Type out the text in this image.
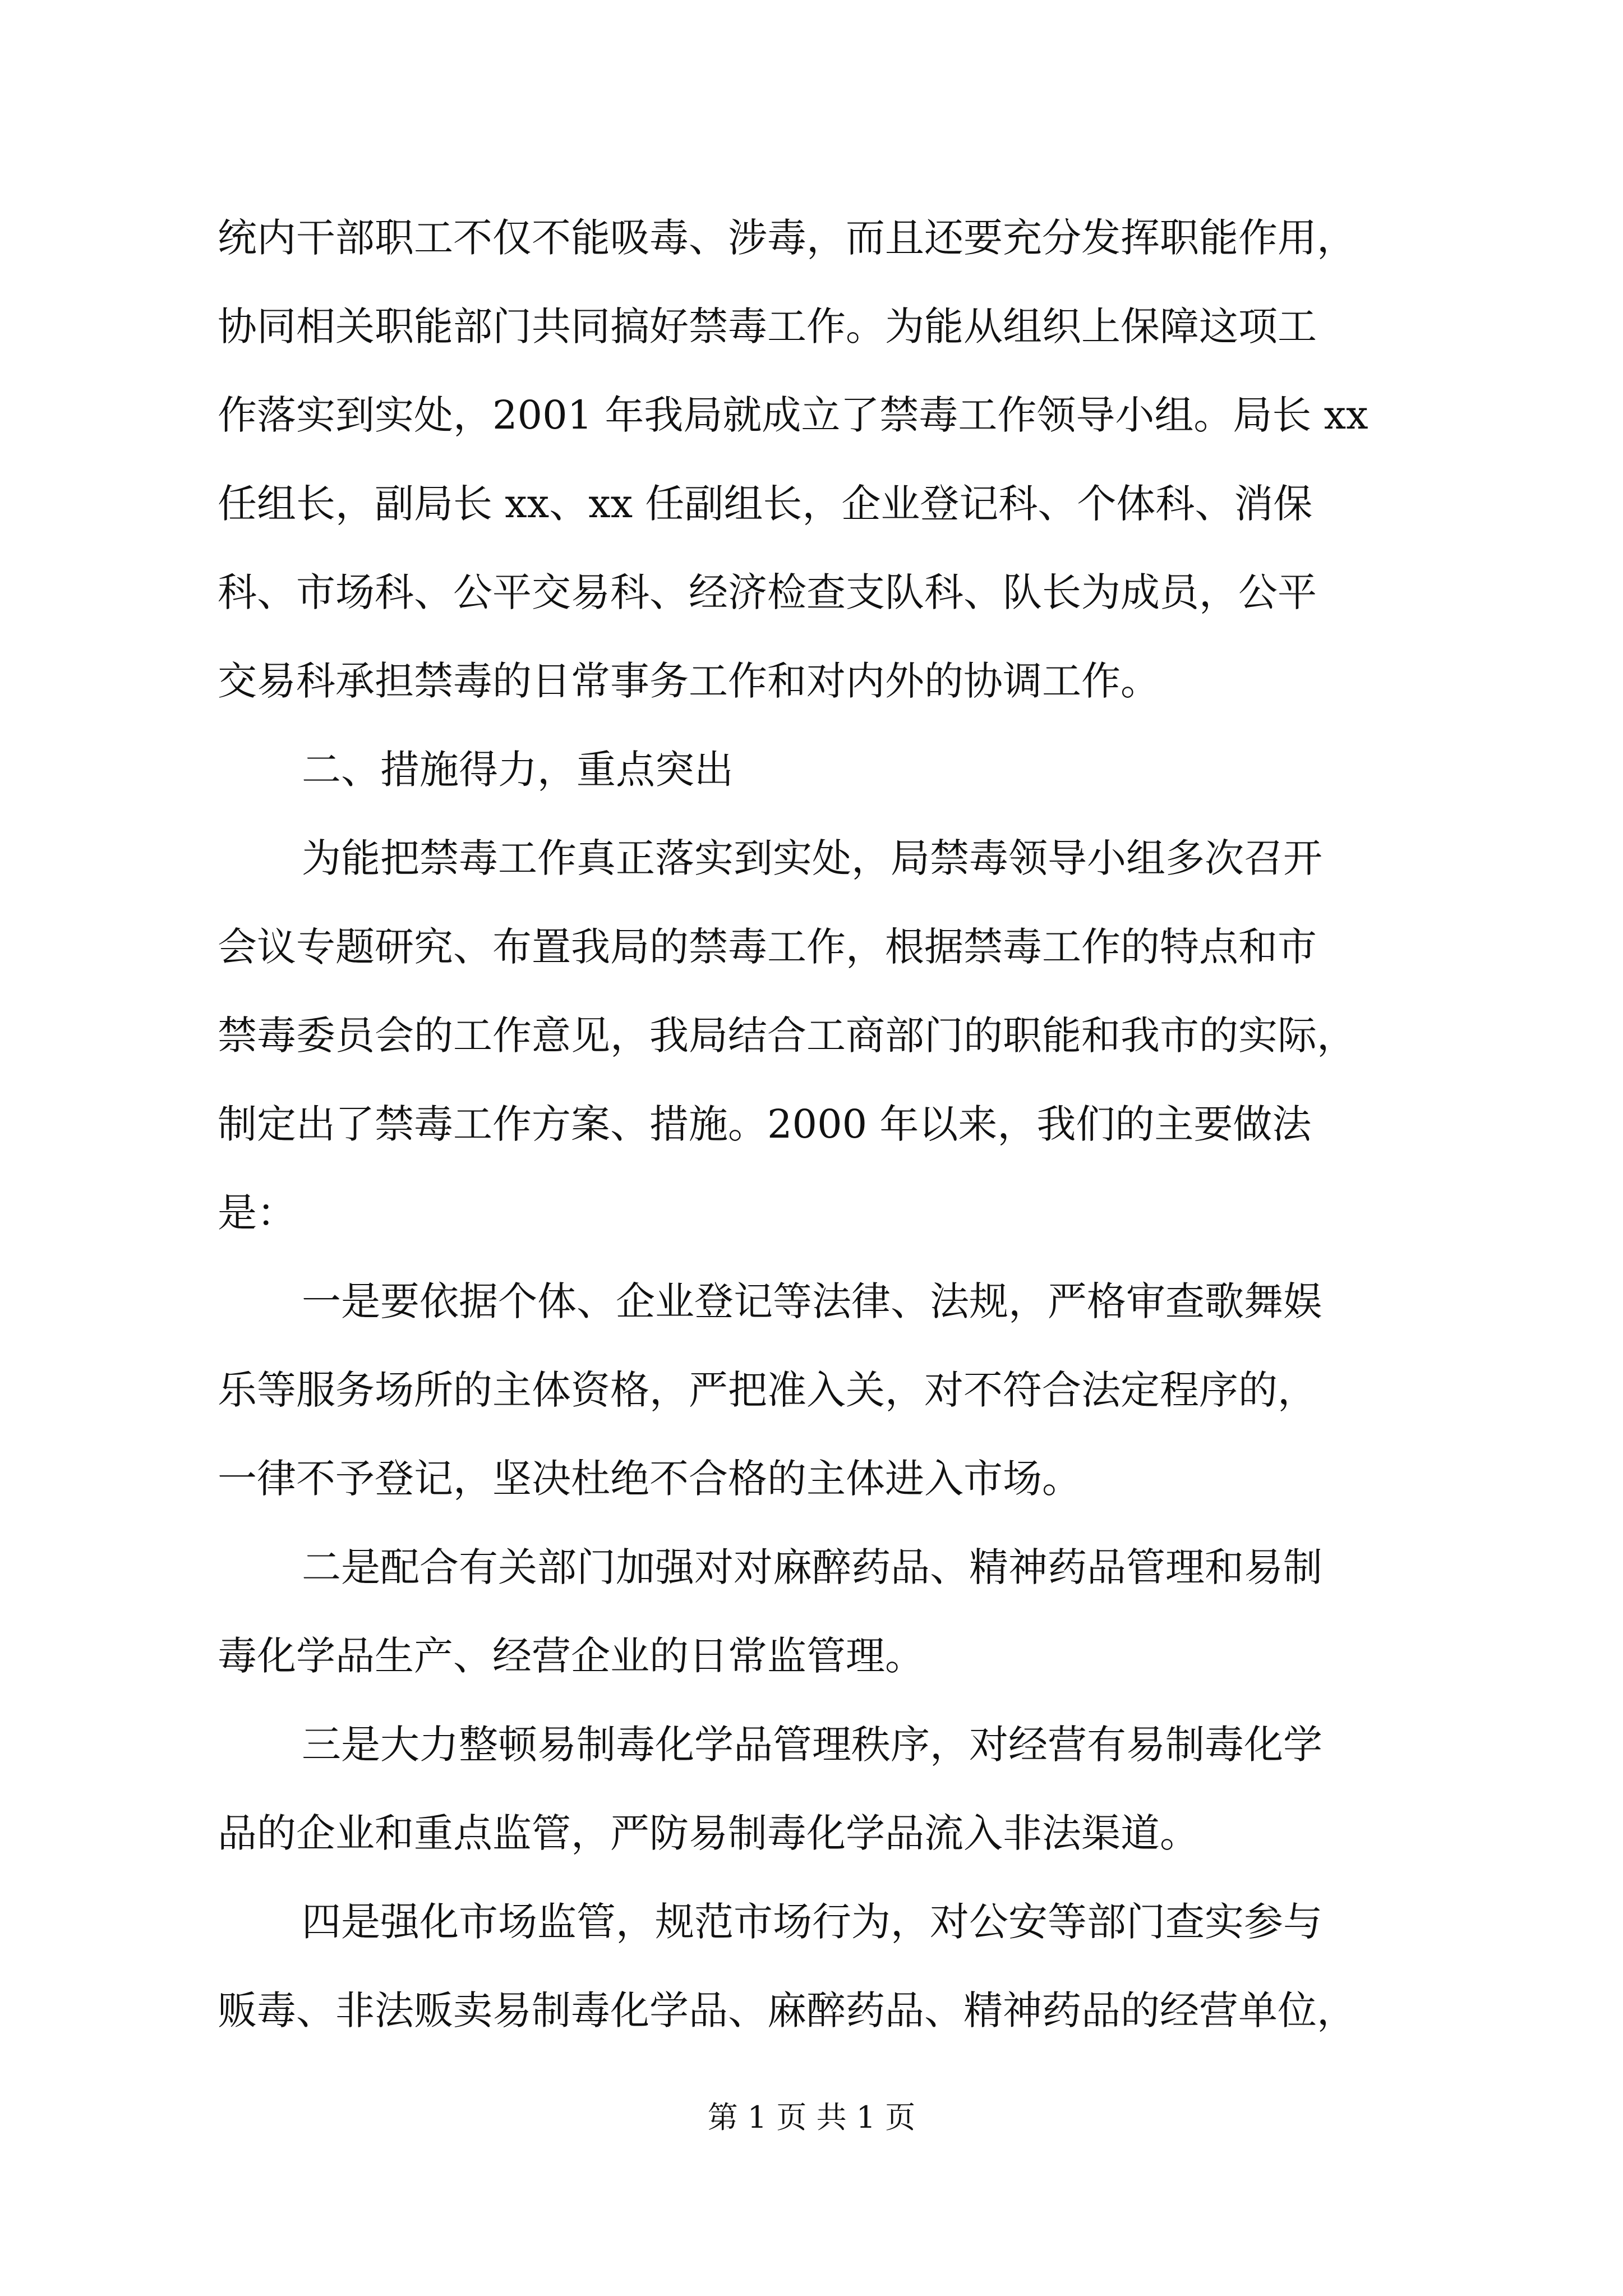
统内干部职工不仅不能吸毒、涉毒，而且还要充分发挥职能作用，
协同相关职能部门共同搞好禁毒工作。为能从组织上保障这项工
作落实到实处，2001 年我局就成立了禁毒工作领导小组。局长 xx
任组长，副局长 xx、xx 任副组长，企业登记科、个体科、消保
科、市场科、公平交易科、经济检查支队科、队长为成员，公平
交易科承担禁毒的日常事务工作和对内外的协调工作。
二、措施得力，重点突出
为能把禁毒工作真正落实到实处，局禁毒领导小组多次召开
会议专题研究、布置我局的禁毒工作，根据禁毒工作的特点和市
禁毒委员会的工作意见，我局结合工商部门的职能和我市的实际，
制定出了禁毒工作方案、措施。2000 年以来，我们的主要做法
是：
一是要依据个体、企业登记等法律、法规，严格审查歌舞娱
乐等服务场所的主体资格，严把准入关，对不符合法定程序的，
一律不予登记，坚决杜绝不合格的主体进入市场。
二是配合有关部门加强对对麻醉药品、精神药品管理和易制
毒化学品生产、经营企业的日常监管理。
三是大力整顿易制毒化学品管理秩序，对经营有易制毒化学
品的企业和重点监管，严防易制毒化学品流入非法渠道。
四是强化市场监管，规范市场行为，对公安等部门查实参与
贩毒、非法贩卖易制毒化学品、麻醉药品、精神药品的经营单位，
第 1 页 共 1 页
